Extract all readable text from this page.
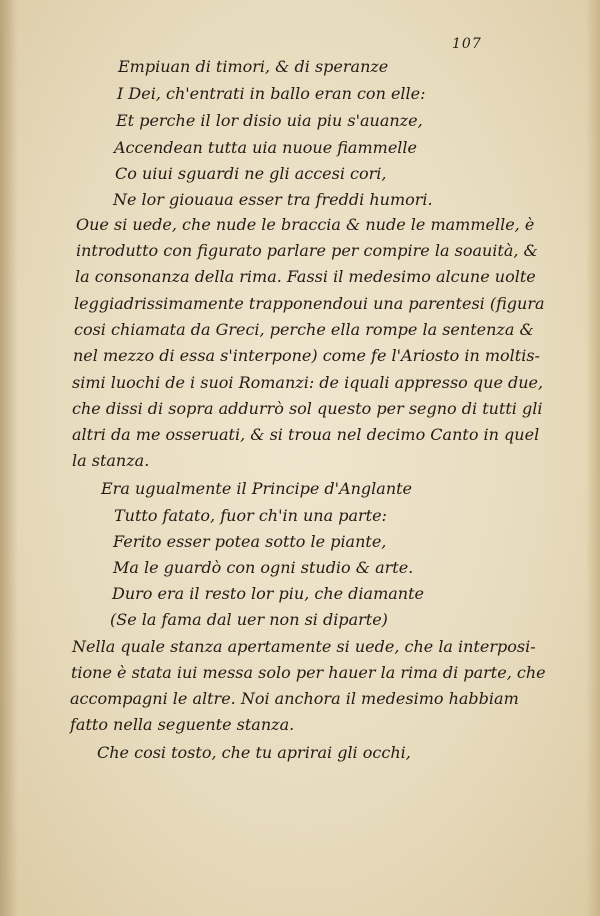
107
Empiuan di timori, & di speranze
I Dei, ch'entrati in ballo eran con elle:
Et perche il lor disio uia piu s'auanze,
Accendean tutta uia nuoue fiammelle
Co uiui sguardi ne gli accesi cori,
Ne lor giouaua esser tra freddi humori.
Oue si uede, che nude le braccia & nude le mammelle, è
introdutto con figurato parlare per compire la soauità, &
la consonanza della rima. Fassi il medesimo alcune uolte
leggiadrissimamente trapponendoui una parentesi (figura
cosi chiamata da Greci, perche ella rompe la sentenza &
nel mezzo di essa s'interpone) come fe l'Ariosto in moltis-
simi luochi de i suoi Romanzi: de iquali appresso que due,
che dissi di sopra addurrò sol questo per segno di tutti gli
altri da me osseruati, & si troua nel decimo Canto in quel
la stanza.
Era ugualmente il Principe d'Anglante
Tutto fatato, fuor ch'in una parte:
Ferito esser potea sotto le piante,
Ma le guardò con ogni studio & arte.
Duro era il resto lor piu, che diamante
(Se la fama dal uer non si diparte)
Nella quale stanza apertamente si uede, che la interposi-
tione è stata iui messa solo per hauer la rima di parte, che
accompagni le altre. Noi anchora il medesimo habbiam
fatto nella seguente stanza.
Che cosi tosto, che tu aprirai gli occhi,
